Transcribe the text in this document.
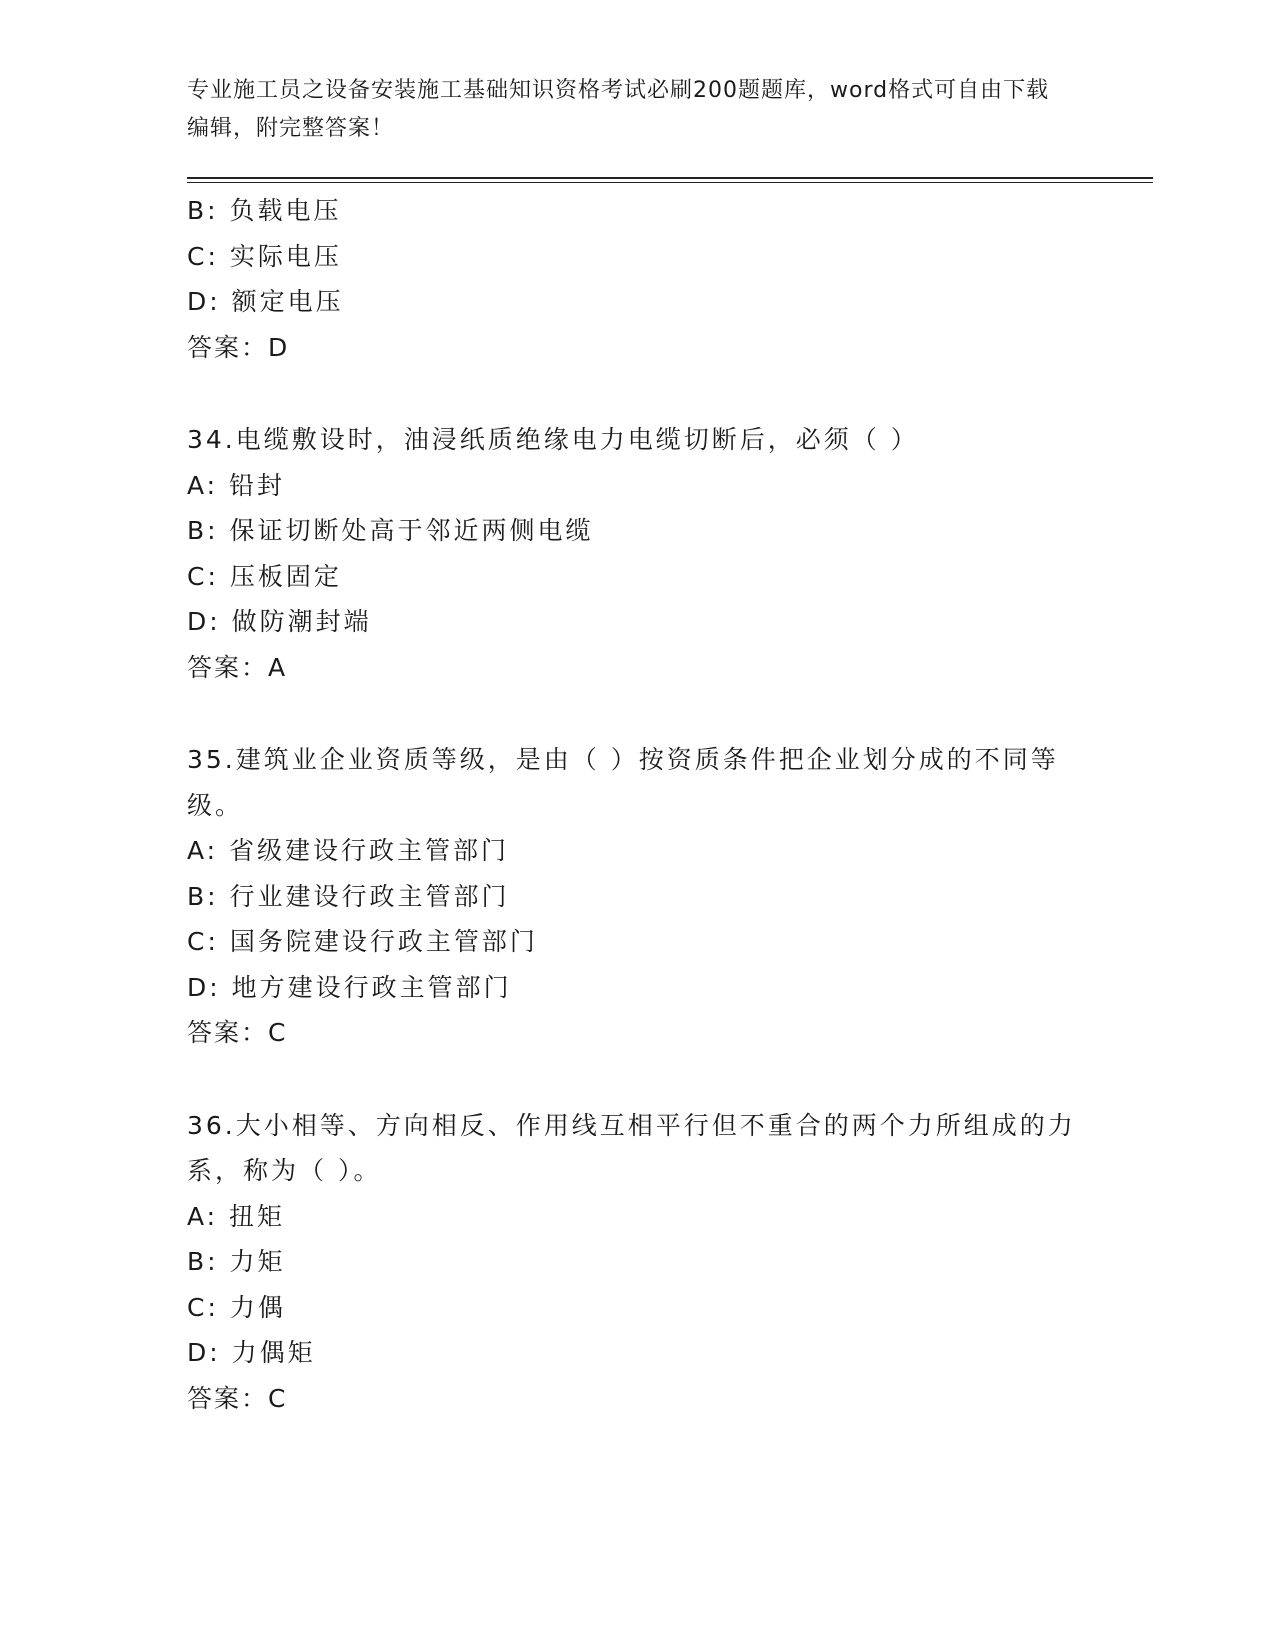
专业施工员之设备安装施工基础知识资格考试必刷200题题库，word格式可自由下载编辑，附完整答案！
B: 负载电压
C: 实际电压
D: 额定电压
答案：D
34.电缆敷设时，油浸纸质绝缘电力电缆切断后，必须（ ）
A: 铅封
B: 保证切断处高于邻近两侧电缆
C: 压板固定
D: 做防潮封端
答案：A
35.建筑业企业资质等级，是由（ ）按资质条件把企业划分成的不同等级。
A: 省级建设行政主管部门
B: 行业建设行政主管部门
C: 国务院建设行政主管部门
D: 地方建设行政主管部门
答案：C
36.大小相等、方向相反、作用线互相平行但不重合的两个力所组成的力系，称为（ ）。
A: 扭矩
B: 力矩
C: 力偶
D: 力偶矩
答案：C
